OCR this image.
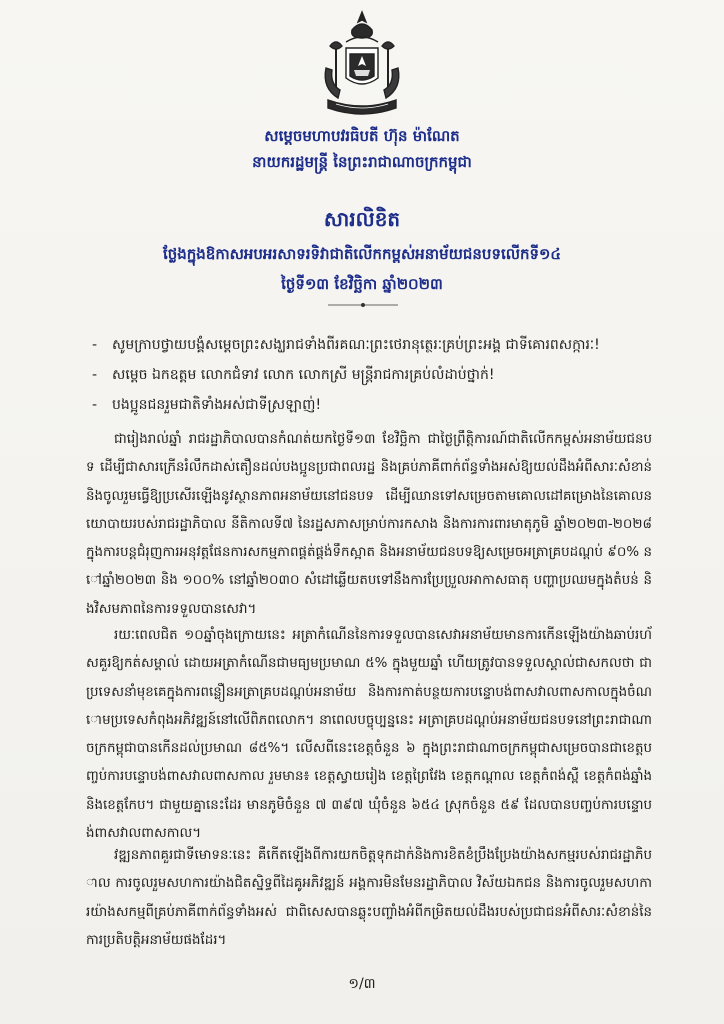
សម្តេចមហាបវរធិបតី ហ៊ុន ម៉ាណែត
នាយករដ្ឋមន្ត្រី នៃព្រះរាជាណាចក្រកម្ពុជា
សារលិខិត
ថ្លែងក្នុងឱកាសអបអរសាទរទិវាជាតិលើកកម្ពស់អនាម័យជនបទលើកទី១៤
ថ្ងៃទី១៣ ខែវិច្ឆិកា ឆ្នាំ២០២៣
- សូមក្រាបថ្វាយបង្គំសម្តេចព្រះសង្ឃរាជទាំងពីរគណៈព្រះថេរានុត្ថេរៈគ្រប់ព្រះអង្គ ជាទីគោរពសក្ការៈ!
- សម្តេច ឯកឧត្តម លោកជំទាវ លោក លោកស្រី មន្ត្រីរាជការគ្រប់លំដាប់ថ្នាក់!
- បងប្អូនជនរួមជាតិទាំងអស់ជាទីស្រឡាញ់!

ជារៀងរាល់ឆ្នាំ រាជរដ្ឋាភិបាលបានកំណត់យកថ្ងៃទី១៣ ខែវិច្ឆិកា ជាថ្ងៃព្រឹត្តិការណ៍ជាតិលើកកម្ពស់អនាម័យជនបទ ដើម្បីជាសារក្រើនរំលឹកដាស់តឿនដល់បងប្អូនប្រជាពលរដ្ឋ និងគ្រប់ភាគីពាក់ព័ន្ធទាំងអស់ឱ្យយល់ដឹងអំពីសារៈសំខាន់ និងចូលរួមធ្វើឱ្យប្រសើរឡើងនូវស្ថានភាពអនាម័យនៅជនបទ ដើម្បីឈានទៅសម្រេចតាមគោលដៅគម្រោងនៃគោលនយោបាយរបស់រាជរដ្ឋាភិបាល នីតិកាលទី៧ នៃរដ្ឋសភាសម្រាប់ការកសាង និងការការពារមាតុភូមិ ឆ្នាំ២០២៣-២០២៨ ក្នុងការបន្តជំរុញការអនុវត្តផែនការសកម្មភាពផ្គត់ផ្គង់ទឹកស្អាត និងអនាម័យជនបទឱ្យសម្រេចអត្រាគ្របដណ្តប់ ៩០% នៅឆ្នាំ២០២៣ និង ១០០% នៅឆ្នាំ២០៣០ សំដៅឆ្លើយតបទៅនឹងការប្រែប្រួលអាកាសធាតុ បញ្ហាប្រឈមក្នុងតំបន់ និងវិសមភាពនៃការទទួលបានសេវា។

រយៈពេលជិត ១០ឆ្នាំចុងក្រោយនេះ អត្រាកំណើននៃការទទួលបានសេវាអនាម័យមានការកើនឡើងយ៉ាងឆាប់រហ័សគួរឱ្យកត់សម្គាល់ ដោយអត្រាកំណើនជាមធ្យមប្រមាណ ៥% ក្នុងមួយឆ្នាំ ហើយត្រូវបានទទួលស្គាល់ជាសកលថា ជាប្រទេសនាំមុខគេក្នុងការពន្លឿនអត្រាគ្របដណ្តប់អនាម័យ និងការកាត់បន្ថយការបន្ទោបង់ពាសវាលពាសកាលក្នុងចំណោមប្រទេសកំពុងអភិវឌ្ឍន៍នៅលើពិភពលោក។ នាពេលបច្ចុប្បន្ននេះ អត្រាគ្របដណ្តប់អនាម័យជនបទនៅព្រះរាជាណាចក្រកម្ពុជាបានកើនដល់ប្រមាណ ៨៥%។ លើសពីនេះខេត្តចំនួន ៦ ក្នុងព្រះរាជាណាចក្រកម្ពុជាសម្រេចបានជាខេត្តបញ្ចប់ការបន្ទោបង់ពាសវាលពាសកាល រួមមាន៖ ខេត្តស្វាយរៀង ខេត្តព្រៃវែង ខេត្តកណ្តាល ខេត្តកំពង់ស្ពឺ ខេត្តកំពង់ឆ្នាំង និងខេត្តកែប។ ជាមួយគ្នានេះដែរ មានភូមិចំនួន ៧ ៣៩៧ ឃុំចំនួន ៦៥៤ ស្រុកចំនួន ៥៩ ដែលបានបញ្ចប់ការបន្ទោបង់ពាសវាលពាសកាល។

វឌ្ឍនភាពគួរជាទីមោទនៈនេះ គឺកើតឡើងពីការយកចិត្តទុកដាក់និងការខិតខំប្រឹងប្រែងយ៉ាងសកម្មរបស់រាជរដ្ឋាភិបាល ការចូលរួមសហការយ៉ាងជិតស្និទ្ធពីដៃគូអភិវឌ្ឍន៍ អង្គការមិនមែនរដ្ឋាភិបាល វិស័យឯកជន និងការចូលរួមសហការយ៉ាងសកម្មពីគ្រប់ភាគីពាក់ព័ន្ធទាំងអស់ ជាពិសេសបានឆ្លុះបញ្ចាំងអំពីកម្រិតយល់ដឹងរបស់ប្រជាជនអំពីសារៈសំខាន់នៃការប្រតិបត្តិអនាម័យផងដែរ។

១/៣
